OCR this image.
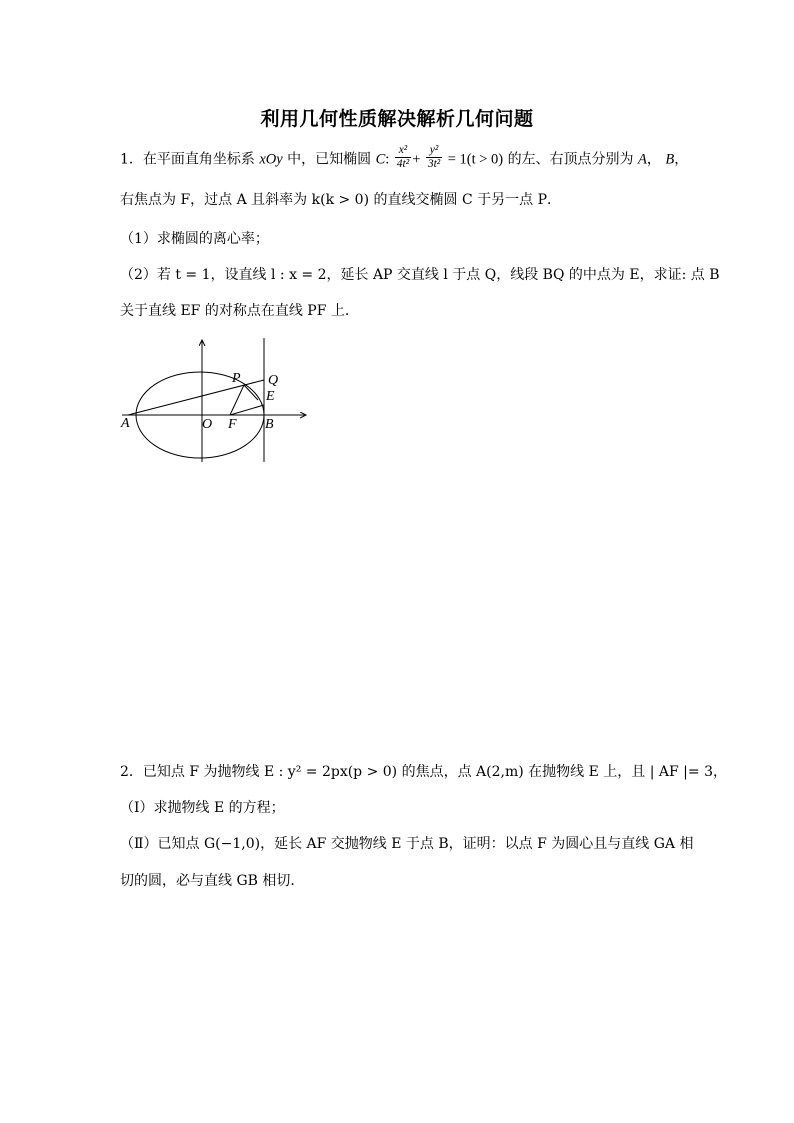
利用几何性质解决解析几何问题
1．在平面直角坐标系 xOy 中，已知椭圆 C: $\frac{\text{x²}}{\text{4t²}} + \frac{\text{y²}}{\text{3t²}} = 1(t > 0)$ 的左、右顶点分别为 A， B，
右焦点为 F，过点 A 且斜率为 k(k > 0) 的直线交椭圆 C 于另一点 P．
（1）求椭圆的离心率；
（2）若 t = 1，设直线 l : x = 2，延长 AP 交直线 l 于点 Q，线段 BQ 的中点为 E，求证: 点 B
关于直线 EF 的对称点在直线 PF 上．
P Q
E
A	O F B
2．已知点 F 为抛物线 E : y² = 2px(p > 0) 的焦点，点 A(2,m) 在抛物线 E 上，且 | AF |= 3，
（Ⅰ）求抛物线 E 的方程；
（Ⅱ）已知点 G(−1,0)，延长 AF 交抛物线 E 于点 B，证明：以点 F 为圆心且与直线 GA 相
切的圆，必与直线 GB 相切．
